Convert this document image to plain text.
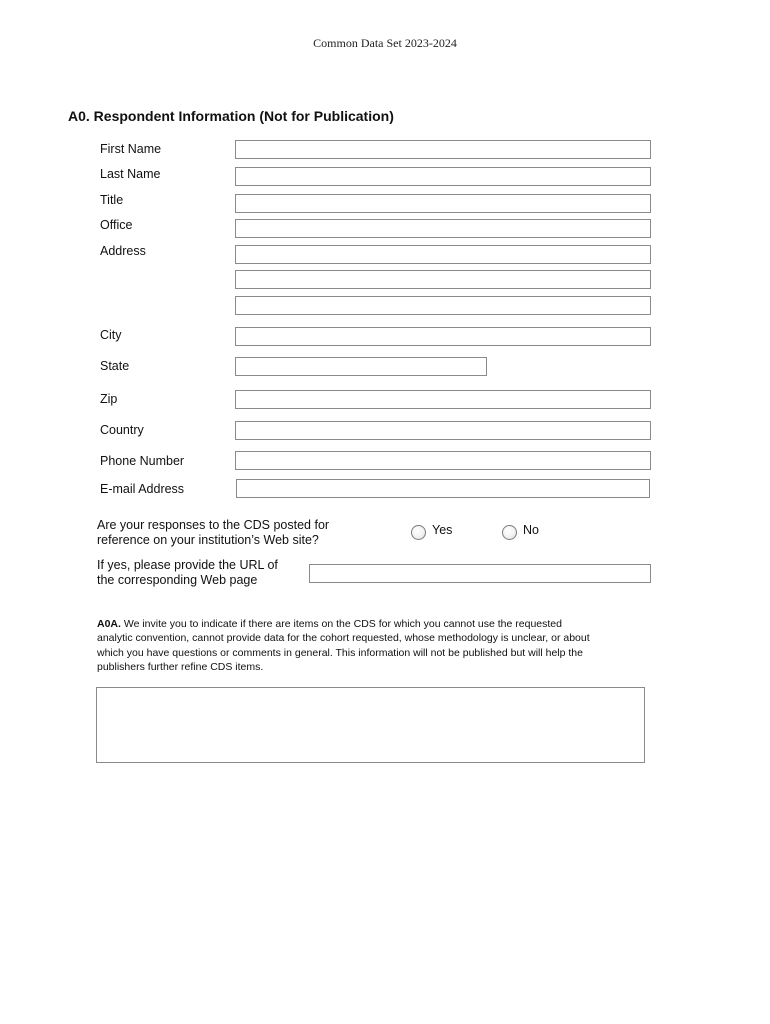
Common Data Set 2023-2024
A0. Respondent Information (Not for Publication)
First Name
Last Name
Title
Office
Address
City
State
Zip
Country
Phone Number
E-mail Address
Are your responses to the CDS posted for
reference on your institution’s Web site?
Yes	No
If yes, please provide the URL of
the corresponding Web page
A0A. We invite you to indicate if there are items on the CDS for which you cannot use the requested
analytic convention, cannot provide data for the cohort requested, whose methodology is unclear, or about
which you have questions or comments in general. This information will not be published but will help the
publishers further refine CDS items.
